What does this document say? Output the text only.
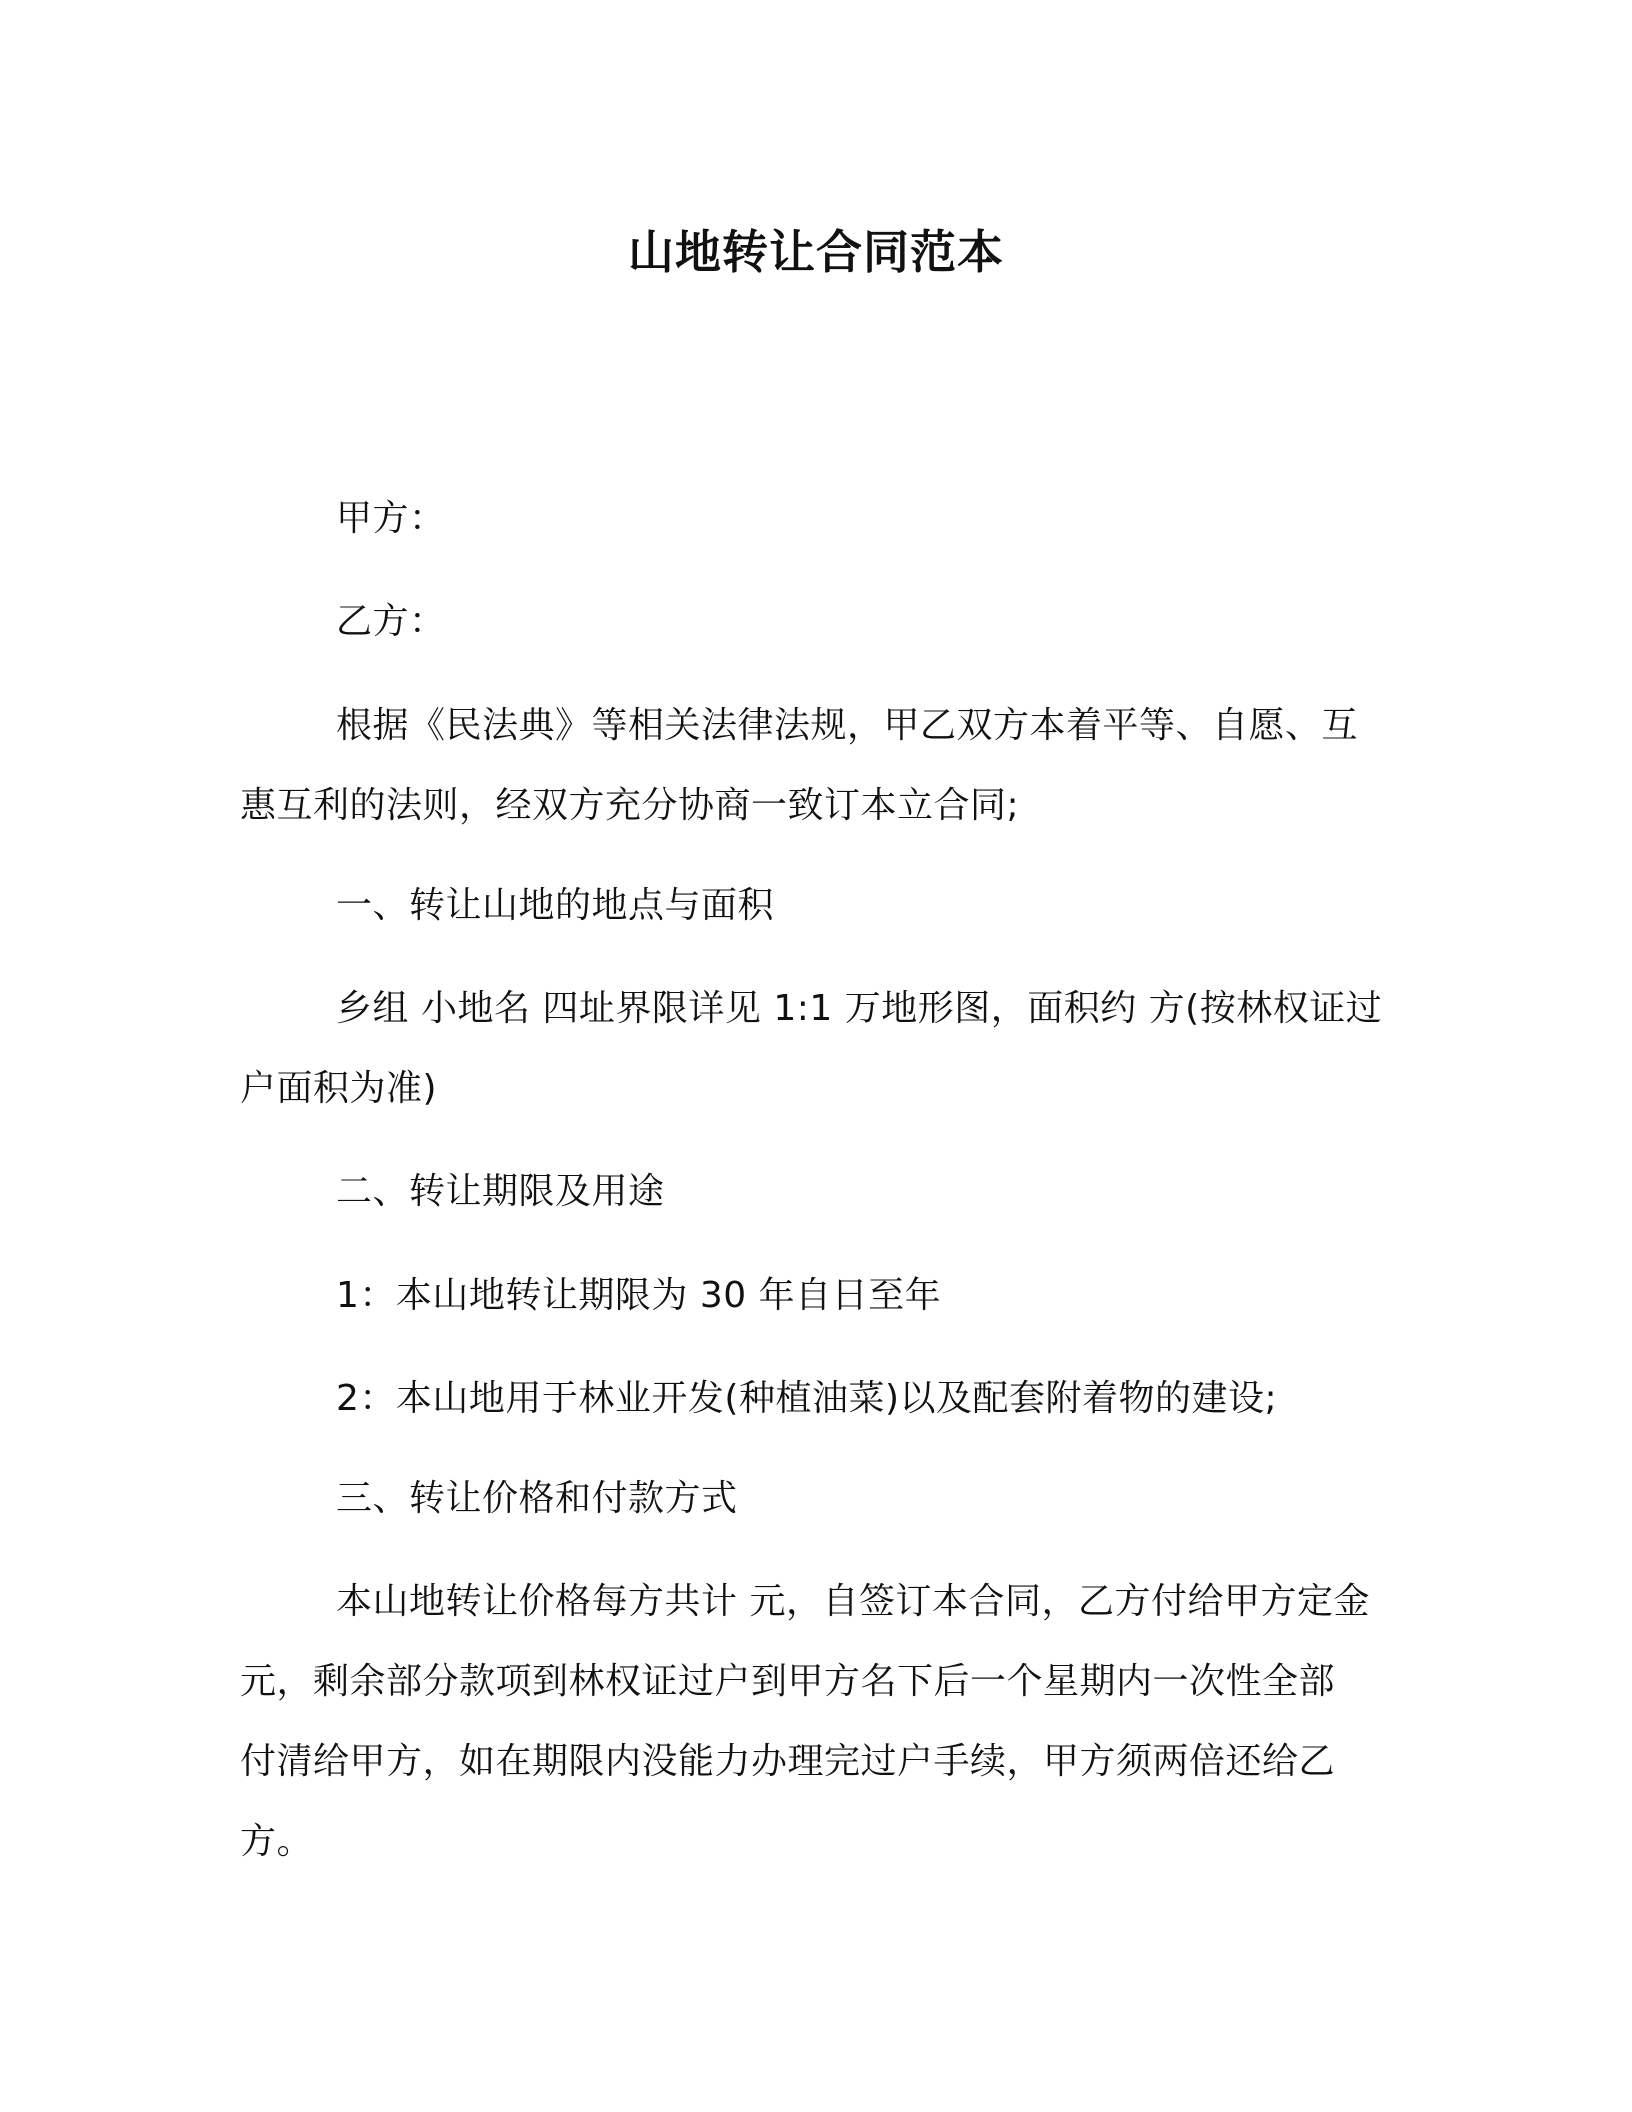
山地转让合同范本
甲方：
乙方：
根据《民法典》等相关法律法规，甲乙双方本着平等、自愿、互
惠互利的法则，经双方充分协商一致订本立合同;
一、转让山地的地点与面积
乡组 小地名 四址界限详见 1:1 万地形图，面积约 方(按林权证过
户面积为准)
二、转让期限及用途
1：本山地转让期限为 30 年自日至年
2：本山地用于林业开发(种植油菜)以及配套附着物的建设;
三、转让价格和付款方式
本山地转让价格每方共计 元，自签订本合同，乙方付给甲方定金
元，剩余部分款项到林权证过户到甲方名下后一个星期内一次性全部
付清给甲方，如在期限内没能力办理完过户手续，甲方须两倍还给乙
方。
